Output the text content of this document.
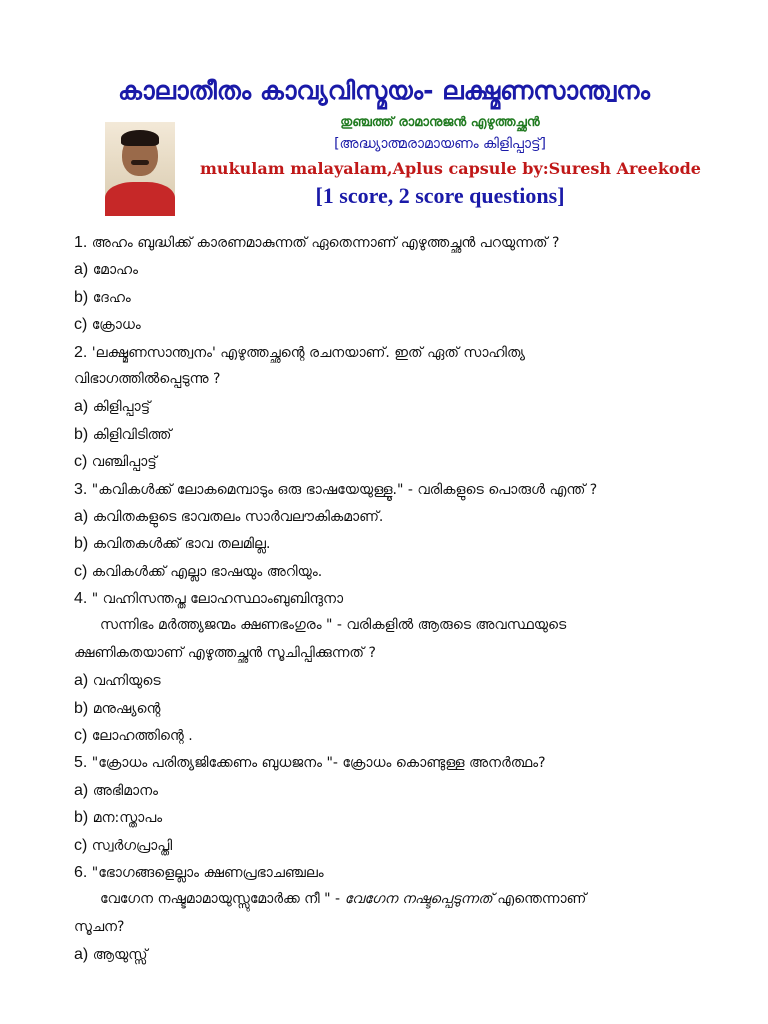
കാലാതീതം കാവ്യവിസ്മയം- ലക്ഷ്മണസാന്ത്വനം
തുഞ്ചത്ത് രാമാനുജൻ എഴുത്തച്ഛൻ
[അദ്ധ്യാത്മരാമായണം കിളിപ്പാട്ട്]
mukulam malayalam,Aplus capsule by:Suresh Areekode
[1 score, 2 score questions]
1. അഹം ബുദ്ധിക്ക് കാരണമാകുന്നത് ഏതെന്നാണ് എഴുത്തച്ഛൻ പറയുന്നത് ?
a) മോഹം
b) ദേഹം
c) ക്രോധം
2. 'ലക്ഷ്മണസാന്ത്വനം' എഴുത്തച്ഛന്റെ രചനയാണ്. ഇത് ഏത് സാഹിത്യ
വിഭാഗത്തിൽപ്പെടുന്നു ?
a) കിളിപ്പാട്ട്
b) കിളിവിടിത്ത്
c) വഞ്ചിപ്പാട്ട്
3. "കവികൾക്ക് ലോകമെമ്പാടും ഒരു ഭാഷയേയുള്ളൂ." - വരികളുടെ പൊരുൾ എന്ത് ?
a) കവിതകളുടെ ഭാവതലം സാർവലൗകികമാണ്.
b) കവിതകൾക്ക് ഭാവ തലമില്ല.
c) കവികൾക്ക് എല്ലാ ഭാഷയും അറിയും.
4. " വഹ്നിസന്തപ്ത ലോഹസ്ഥാംബുബിന്ദുനാ
സന്നിഭം മർത്ത്യജന്മം ക്ഷണഭംഗുരം " - വരികളിൽ ആരുടെ അവസ്ഥയുടെ
ക്ഷണികതയാണ് എഴുത്തച്ഛൻ സൂചിപ്പിക്കുന്നത് ?
a) വഹ്നിയുടെ
b) മനുഷ്യന്റെ
c) ലോഹത്തിന്റെ .
5. "ക്രോധം പരിത്യജിക്കേണം ബുധജനം "- ക്രോധം കൊണ്ടുള്ള അനർത്ഥം?
a) അഭിമാനം
b) മന:സ്താപം
c) സ്വർഗപ്രാപ്തി
6. "ഭോഗങ്ങളെല്ലാം ക്ഷണപ്രഭാചഞ്ചലം
വേഗേന നഷ്ടമാമായുസ്സുമോർക്ക നീ " - വേഗേന നഷ്ടപ്പെടുന്നത് എന്തെന്നാണ്
സൂചന?
a) ആയുസ്സ്
